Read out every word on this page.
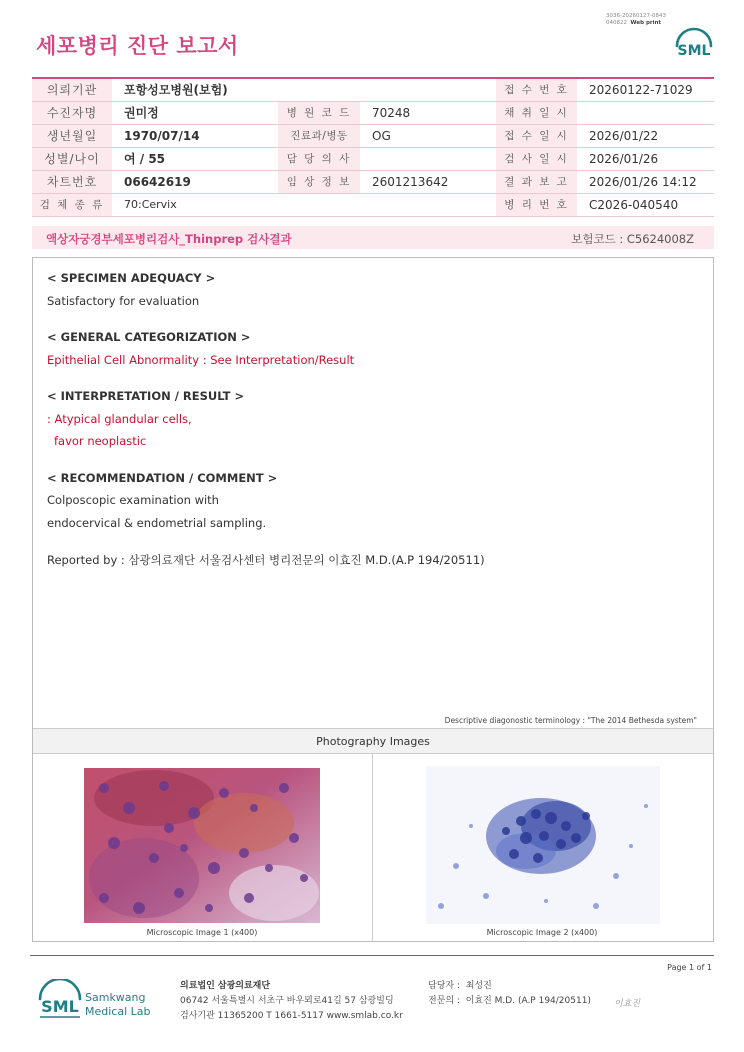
3036-20260127-0843
040822 Web print
세포병리 진단 보고서	SML
의뢰기관	포항성모병원(보험)			접 수 번 호	20260122-71029
수진자명	권미정	병 원 코 드	70248	채 취 일 시	
생년월일	1970/07/14	진료과/병동	OG	접 수 일 시	2026/01/22
성별/나이	여 / 55	담 당 의 사		검 사 일 시	2026/01/26
차트번호	06642619	임 상 정 보	2601213642	결 과 보 고	2026/01/26 14:12
검 체 종 류	70:Cervix			병 리 번 호	C2026-040540
액상자궁경부세포병리검사_Thinprep 검사결과	보험코드 : C5624008Z
< SPECIMEN ADEQUACY >
Satisfactory for evaluation
< GENERAL CATEGORIZATION >
Epithelial Cell Abnormality : See Interpretation/Result
< INTERPRETATION / RESULT >
: Atypical glandular cells,
favor neoplastic
< RECOMMENDATION / COMMENT >
Colposcopic examination with
endocervical & endometrial sampling.
Reported by : 삼광의료재단 서울검사센터 병리전문의 이효진 M.D.(A.P 194/20511)
Descriptive diagonostic terminology : "The 2014 Bethesda system"
Photography Images
Microscopic Image 1 (x400)	Microscopic Image 2 (x400)
Page 1 of 1
SML Samkwang
Medical Lab
의료법인 삼광의료재단
06742 서울특별시 서초구 바우뫼로41길 57 삼광빌딩
검사기관 11365200 T 1661-5117 www.smlab.co.kr
담당자 : 최성진
전문의 : 이효진 M.D. (A.P 194/20511)	이효진
